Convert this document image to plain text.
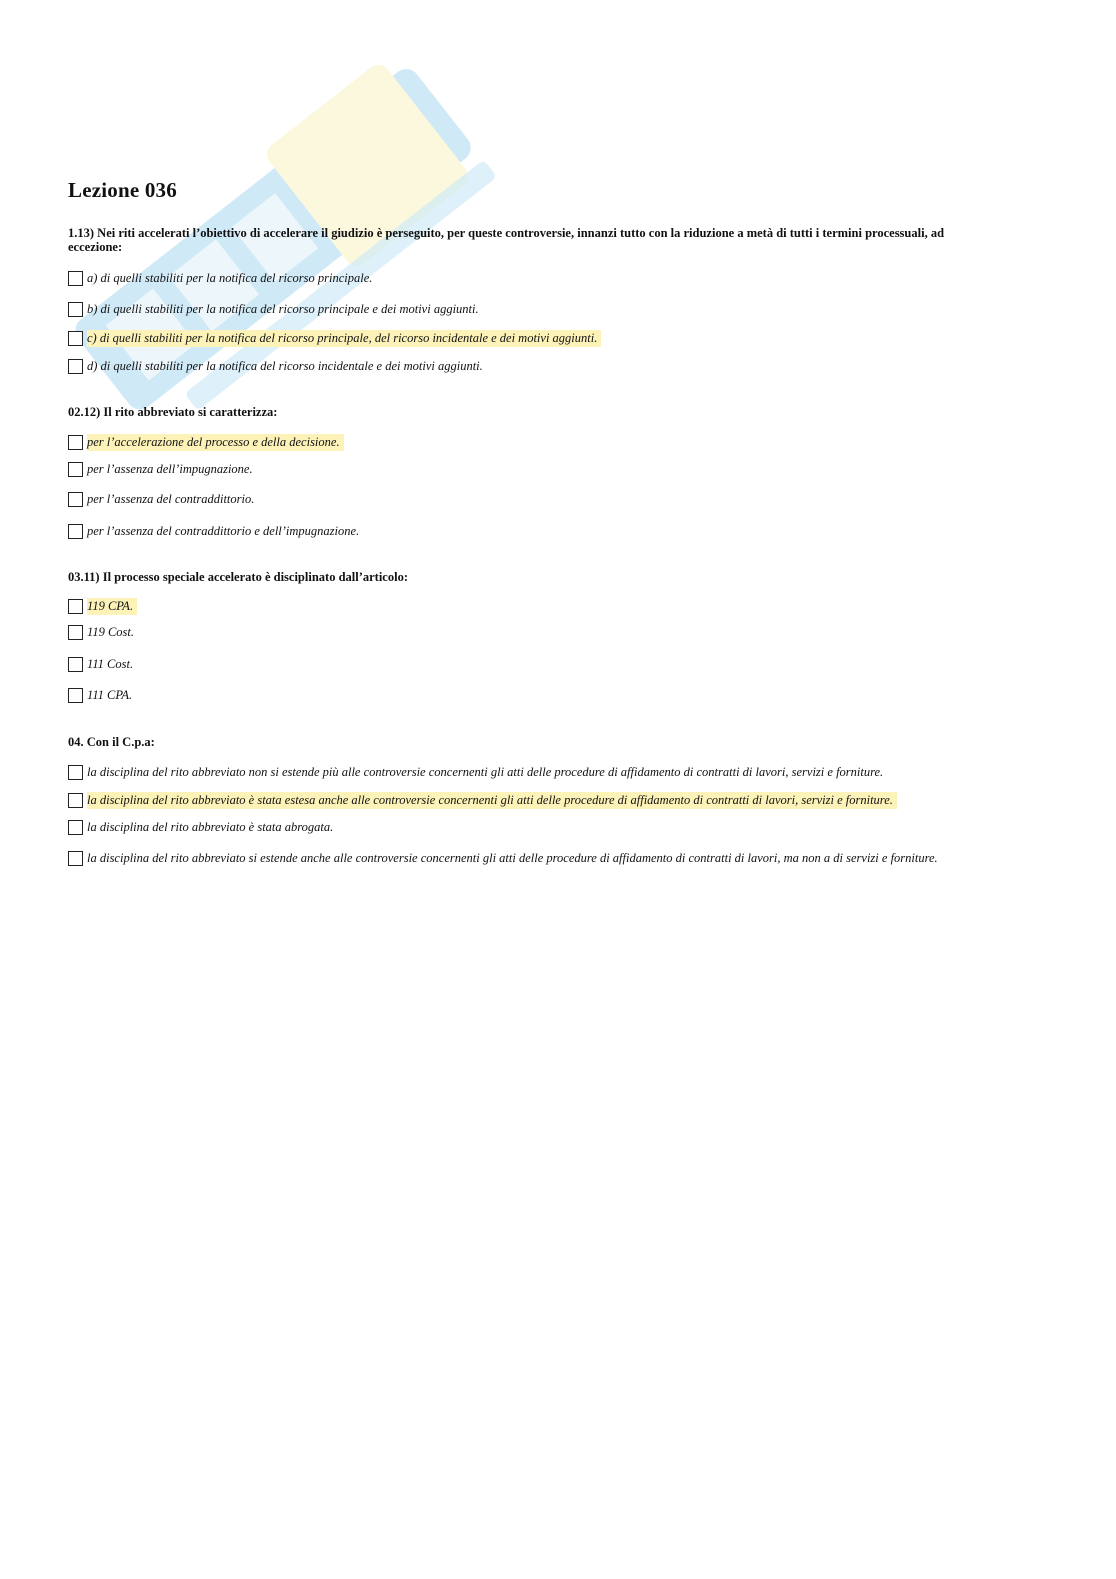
Lezione 036

1.13) Nei riti accelerati l’obiettivo di accelerare il giudizio è perseguito, per queste controversie, innanzi tutto con la riduzione a metà di tutti i termini processuali, ad eccezione:

a) di quelli stabiliti per la notifica del ricorso principale.
b) di quelli stabiliti per la notifica del ricorso principale e dei motivi aggiunti.
c) di quelli stabiliti per la notifica del ricorso principale, del ricorso incidentale e dei motivi aggiunti.
d) di quelli stabiliti per la notifica del ricorso incidentale e dei motivi aggiunti.

02.12) Il rito abbreviato si caratterizza:

per l’accelerazione del processo e della decisione.
per l’assenza dell’impugnazione.
per l’assenza del contraddittorio.
per l’assenza del contraddittorio e dell’impugnazione.

03.11) Il processo speciale accelerato è disciplinato dall’articolo:

119 CPA.
119 Cost.
111 Cost.
111 CPA.

04. Con il C.p.a:

la disciplina del rito abbreviato non si estende più alle controversie concernenti gli atti delle procedure di affidamento di contratti di lavori, servizi e forniture.
la disciplina del rito abbreviato è stata estesa anche alle controversie concernenti gli atti delle procedure di affidamento di contratti di lavori, servizi e forniture.
la disciplina del rito abbreviato è stata abrogata.
la disciplina del rito abbreviato si estende anche alle controversie concernenti gli atti delle procedure di affidamento di contratti di lavori, ma non a di servizi e forniture.
